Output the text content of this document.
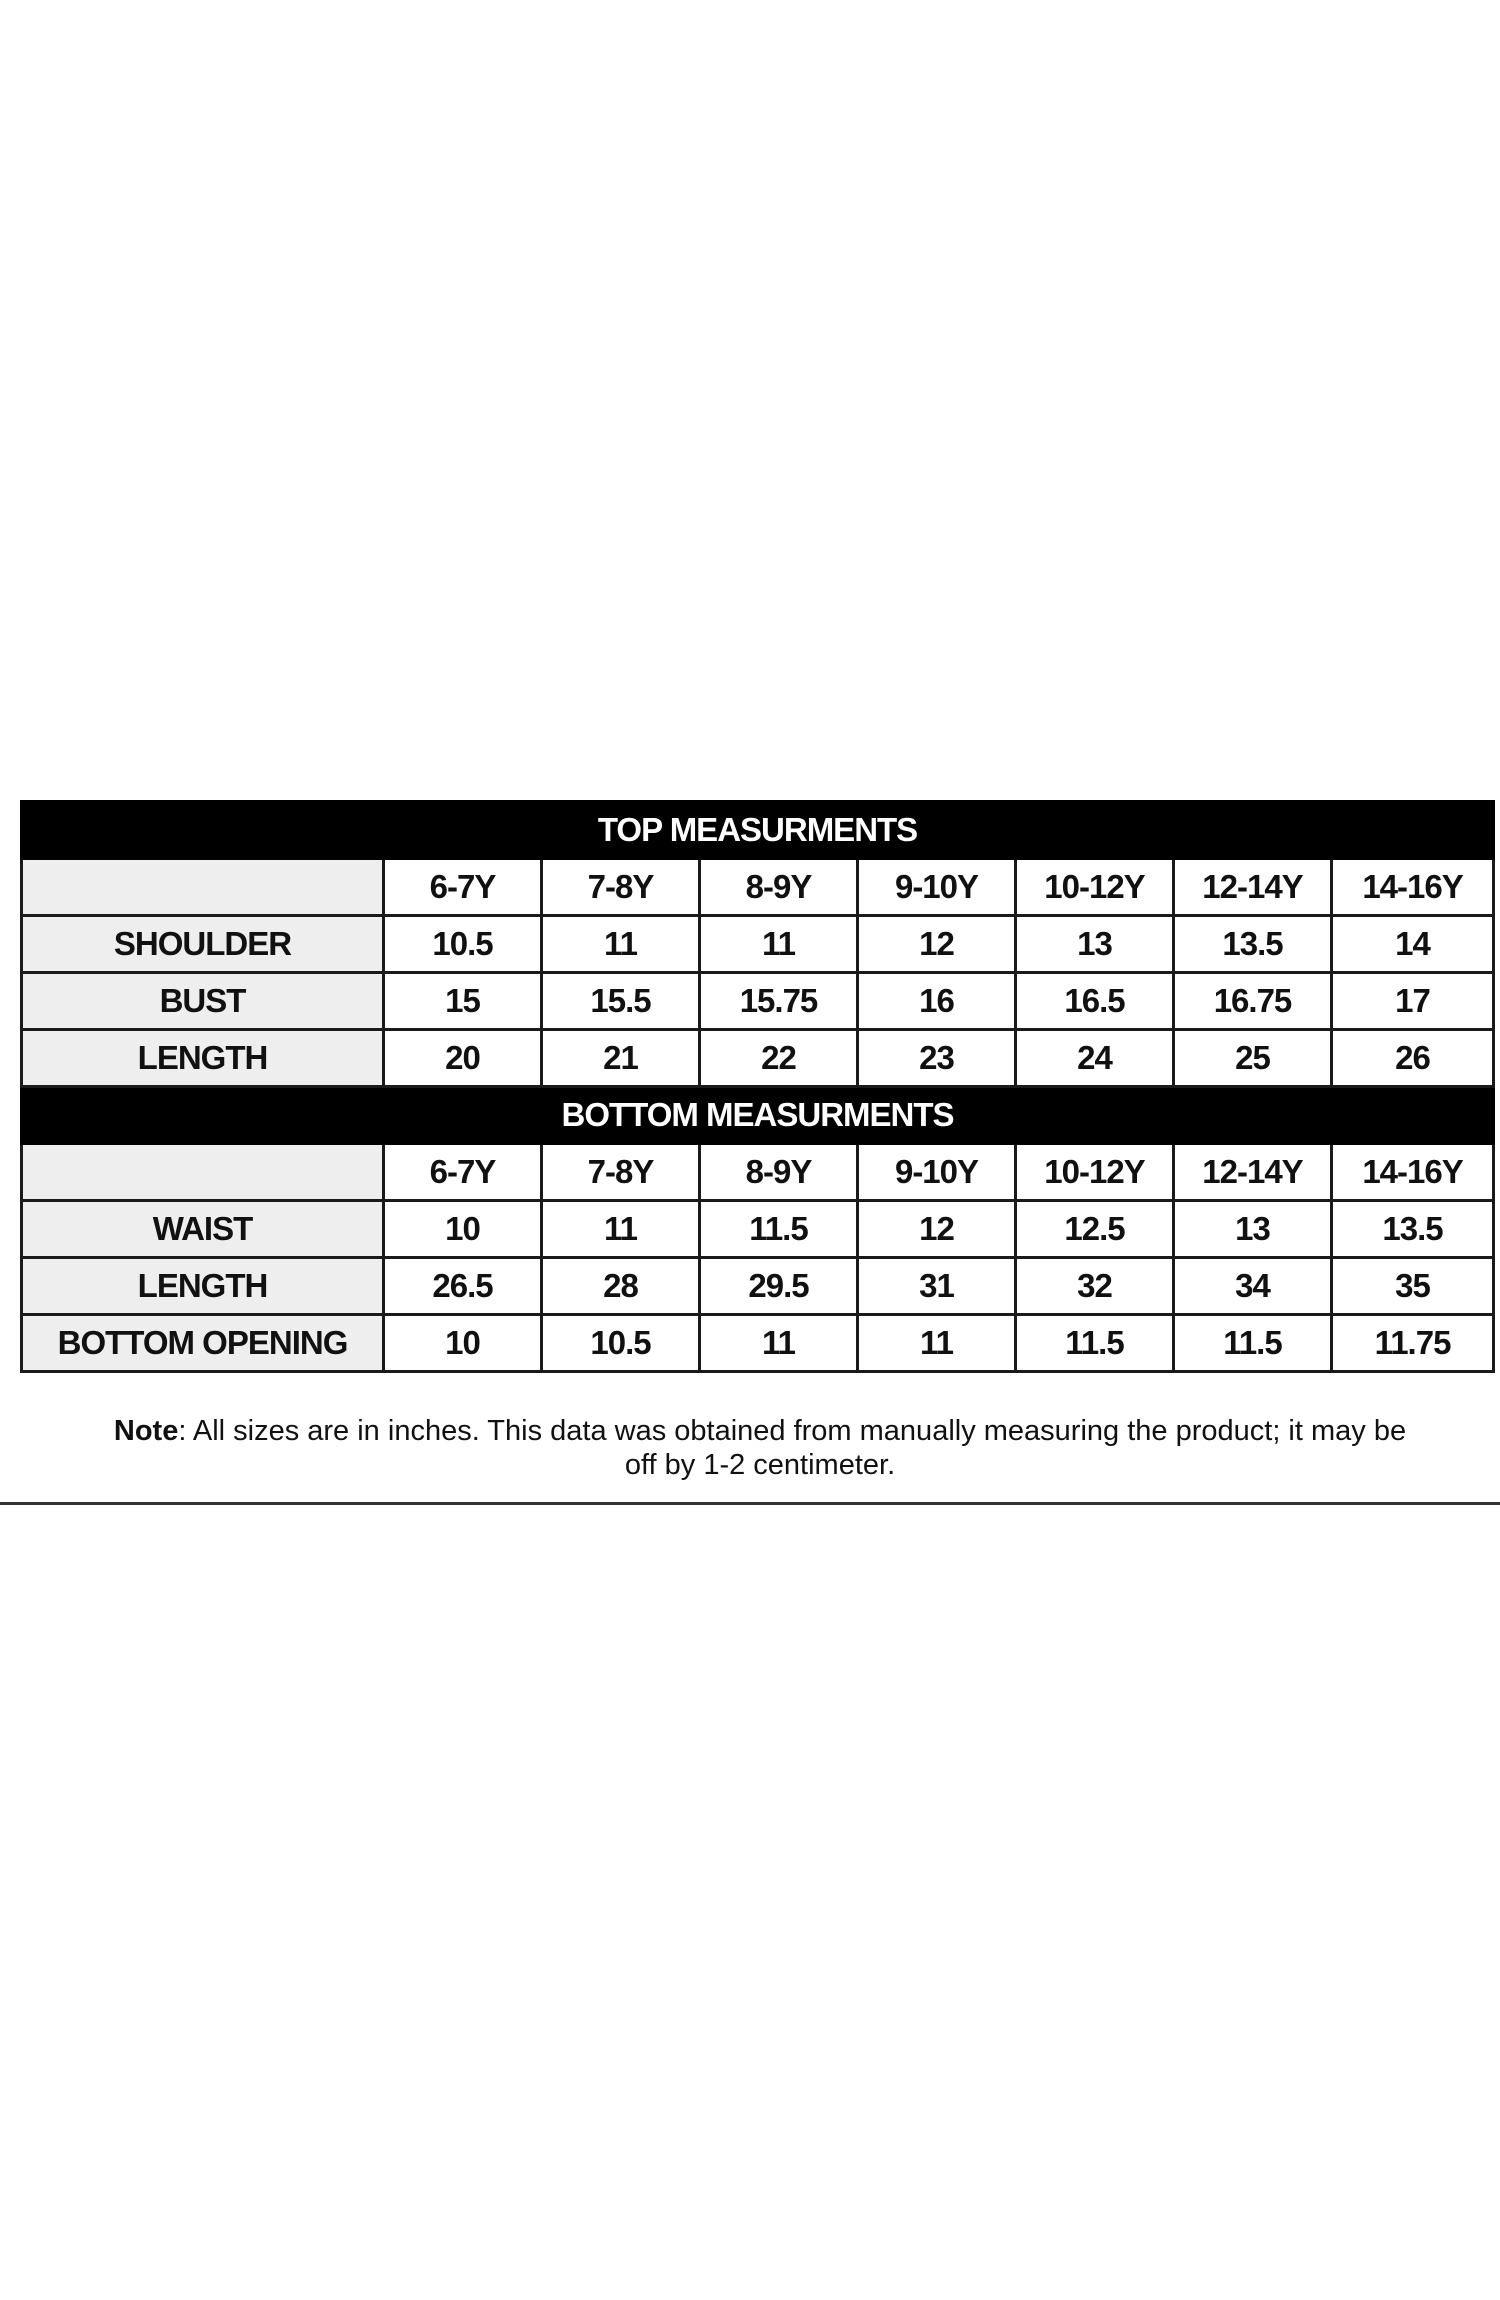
TOP MEASURMENTS							
	6-7Y	7-8Y	8-9Y	9-10Y	10-12Y	12-14Y	14-16Y
SHOULDER	10.5	11	11	12	13	13.5	14
BUST	15	15.5	15.75	16	16.5	16.75	17
LENGTH	20	21	22	23	24	25	26
BOTTOM MEASURMENTS							
	6-7Y	7-8Y	8-9Y	9-10Y	10-12Y	12-14Y	14-16Y
WAIST	10	11	11.5	12	12.5	13	13.5
LENGTH	26.5	28	29.5	31	32	34	35
BOTTOM OPENING	10	10.5	11	11	11.5	11.5	11.75
Note: All sizes are in inches. This data was obtained from manually measuring the product; it may be off by 1-2 centimeter.
